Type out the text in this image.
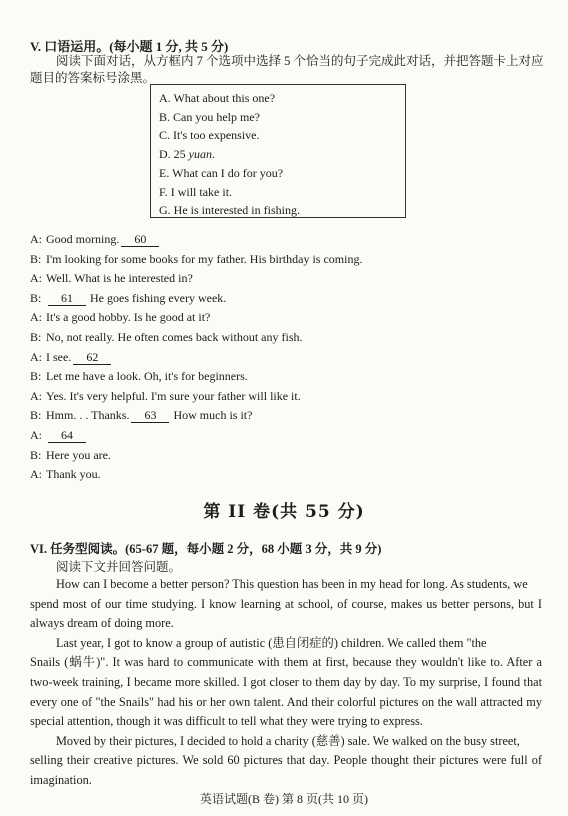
V. 口语运用。(每小题 1 分, 共 5 分)
阅读下面对话，从方框内 7 个选项中选择 5 个恰当的句子完成此对话，并把答题卡上对应
题目的答案标号涂黑。
A. What about this one?
B. Can you help me?
C. It's too expensive.
D. 25 yuan.
E. What can I do for you?
F. I will take it.
G. He is interested in fishing.
A: Good morning. 60
B: I'm looking for some books for my father. His birthday is coming.
A: Well. What is he interested in?
B: 61 He goes fishing every week.
A: It's a good hobby. Is he good at it?
B: No, not really. He often comes back without any fish.
A: I see. 62
B: Let me have a look. Oh, it's for beginners.
A: Yes. It's very helpful. I'm sure your father will like it.
B: Hmm. . . Thanks. 63 How much is it?
A: 64
B: Here you are.
A: Thank you.
第 II 卷(共 55 分)
VI. 任务型阅读。(65-67 题，每小题 2 分，68 小题 3 分，共 9 分)
阅读下文并回答问题。
How can I become a better person? This question has been in my head for long. As students, we
spend most of our time studying. I know learning at school, of course, makes us better persons, but I always dream of doing more.
Last year, I got to know a group of autistic (患自闭症的) children. We called them "the
Snails (蜗牛)". It was hard to communicate with them at first, because they wouldn't like to. After a two-week training, I became more skilled. I got closer to them day by day. To my surprise, I found that every one of "the Snails" had his or her own talent. And their colorful pictures on the wall attracted my special attention, though it was difficult to tell what they were trying to express.
Moved by their pictures, I decided to hold a charity (慈善) sale. We walked on the busy street,
selling their creative pictures. We sold 60 pictures that day. People thought their pictures were full of imagination.
英语试题(B 卷) 第 8 页(共 10 页)
